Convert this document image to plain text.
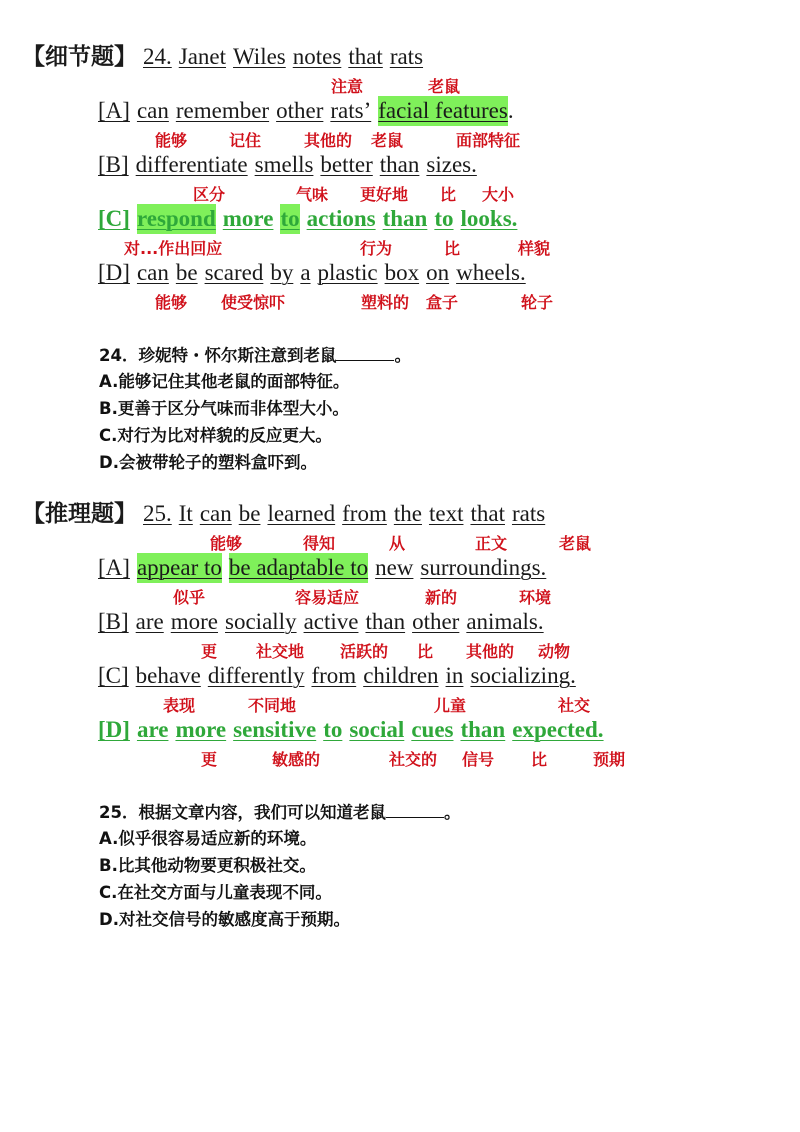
【细节题】 24. Janet Wiles notes that rats
注意	老鼠
[A] can remember other rats’ facial features.
能够	记住	其他的 老鼠	面部特征
[B] differentiate smells better than sizes.
区分	气味 更好地 比 大小
[C] respond more to actions than to looks.
对...作出回应	行为	比	样貌
[D] can be scared by a plastic box on wheels.
能够 使受惊吓	塑料的 盒子	轮子
24．珍妮特・怀尔斯注意到老鼠	。
A.能够记住其他老鼠的面部特征。
B.更善于区分气味而非体型大小。
C.对行为比对样貌的反应更大。
D.会被带轮子的塑料盒吓到。
【推理题】 25. It can be learned from the text that rats
能够	得知	从	正文	老鼠
[A] appear to be adaptable to new surroundings.
似乎	容易适应	新的	环境
[B] are more socially active than other animals.
更 社交地 活跃的 比 其他的 动物
[C] behave differently from children in socializing.
表现	不同地	儿童	社交
[D] are more sensitive to social cues than expected.
更	敏感的	社交的 信号 比	预期
25．根据文章内容，我们可以知道老鼠	。
A.似乎很容易适应新的环境。
B.比其他动物要更积极社交。
C.在社交方面与儿童表现不同。
D.对社交信号的敏感度高于预期。
